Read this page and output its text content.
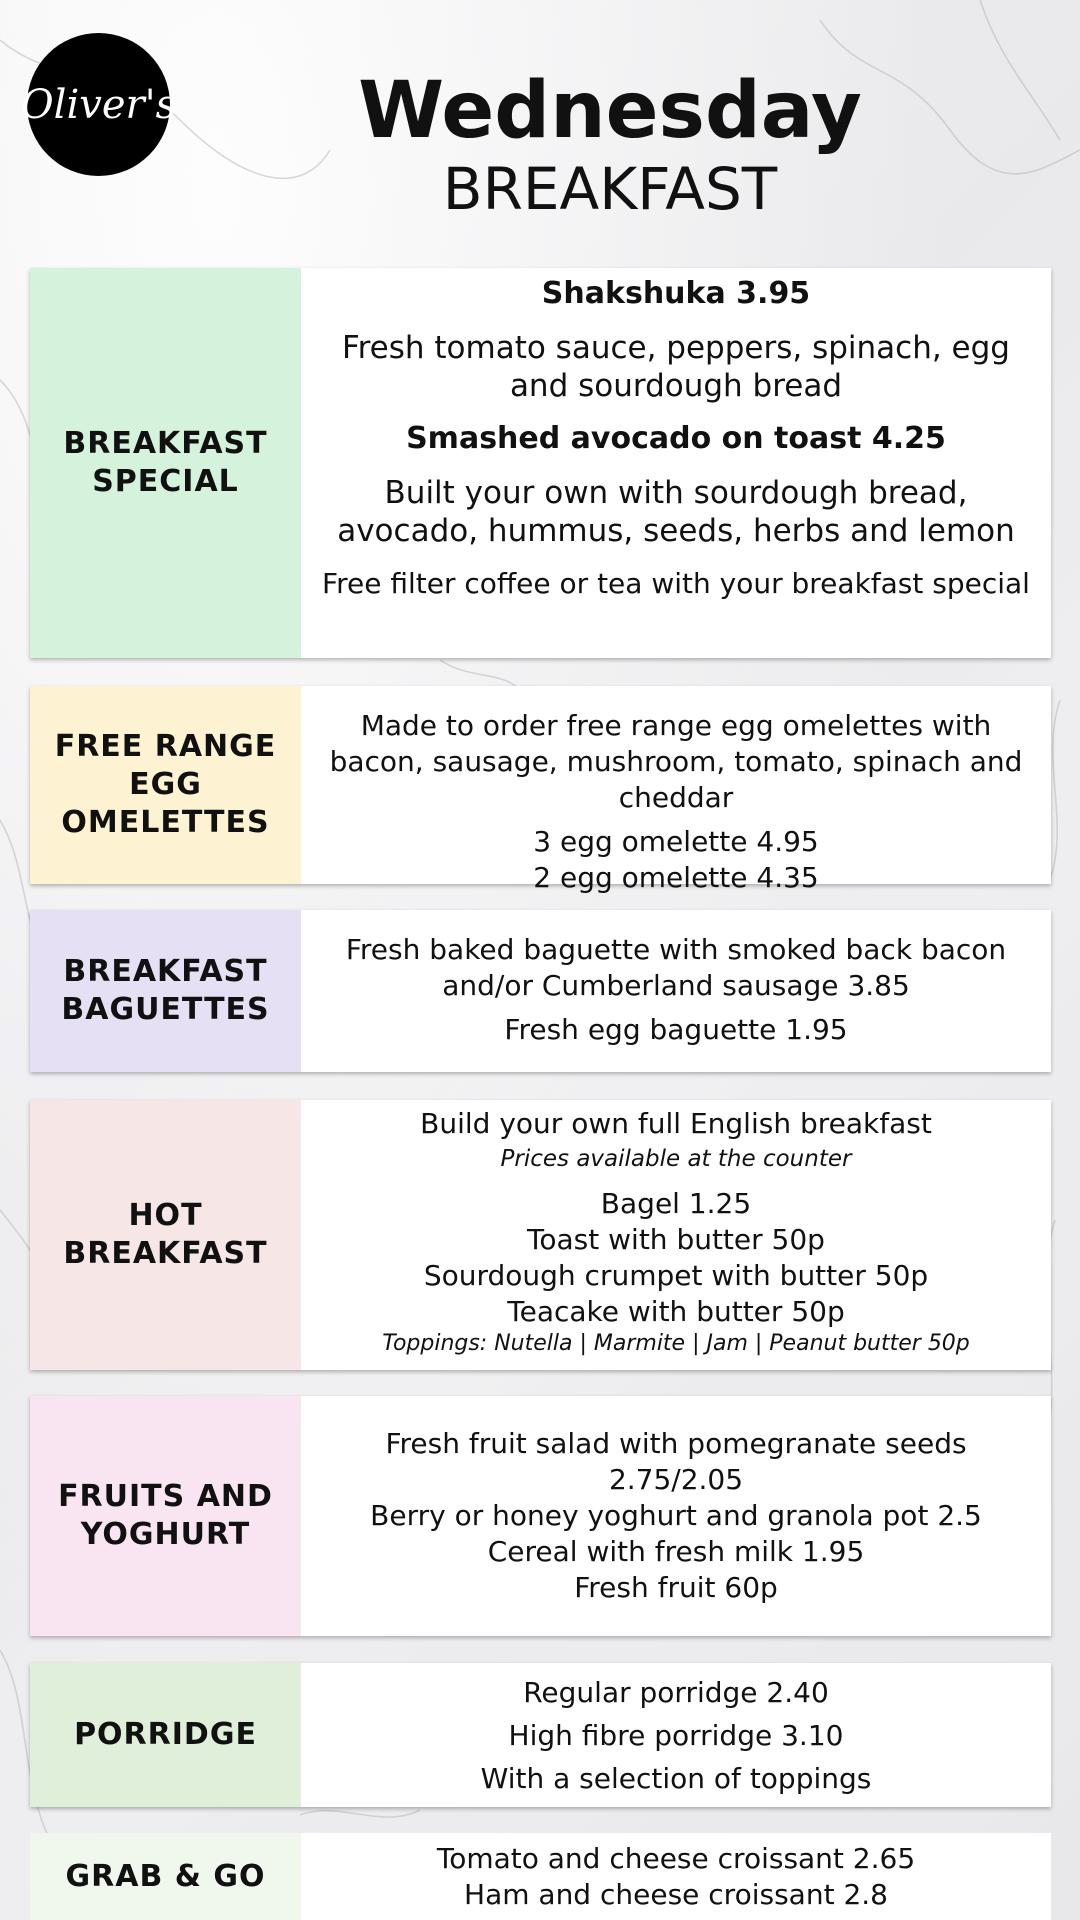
Oliver's	Wednesday
BREAKFAST
BREAKFAST
SPECIAL

Shakshuka 3.95

Fresh tomato sauce, peppers, spinach, egg and sourdough bread

Smashed avocado on toast 4.25

Built your own with sourdough bread, avocado, hummus, seeds, herbs and lemon

Free filter coffee or tea with your breakfast special

FREE RANGE
EGG
OMELETTES

Made to order free range egg omelettes with bacon, sausage, mushroom, tomato, spinach and cheddar

3 egg omelette 4.95

2 egg omelette 4.35

BREAKFAST
BAGUETTES

Fresh baked baguette with smoked back bacon and/or Cumberland sausage 3.85

Fresh egg baguette 1.95

HOT
BREAKFAST

Build your own full English breakfast

Prices available at the counter

Bagel 1.25

Toast with butter 50p

Sourdough crumpet with butter 50p

Teacake with butter 50p

Toppings: Nutella | Marmite | Jam | Peanut butter 50p

FRUITS AND
YOGHURT

Fresh fruit salad with pomegranate seeds 2.75/2.05

Berry or honey yoghurt and granola pot 2.5

Cereal with fresh milk 1.95

Fresh fruit 60p

PORRIDGE

Regular porridge 2.40

High fibre porridge 3.10

With a selection of toppings

GRAB & GO

Tomato and cheese croissant 2.65

Ham and cheese croissant 2.8
